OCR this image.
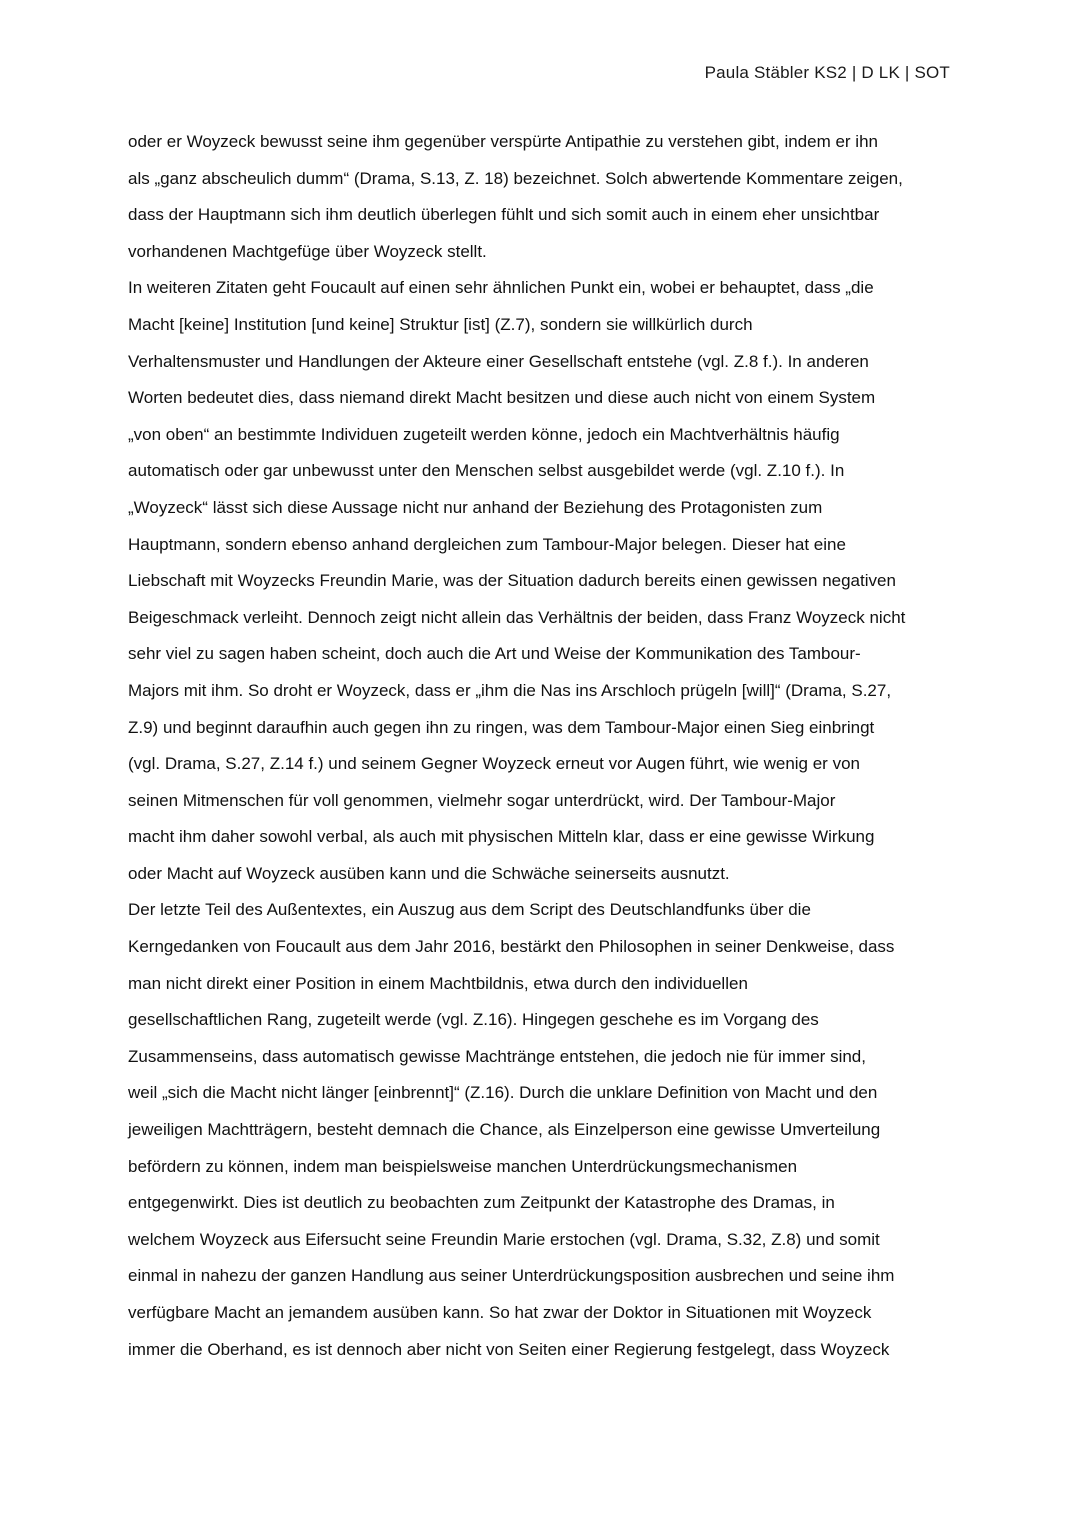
Paula Stäbler KS2 | D LK | SOT
oder er Woyzeck bewusst seine ihm gegenüber verspürte Antipathie zu verstehen gibt, indem er ihn
als „ganz abscheulich dumm“ (Drama, S.13, Z. 18) bezeichnet. Solch abwertende Kommentare zeigen,
dass der Hauptmann sich ihm deutlich überlegen fühlt und sich somit auch in einem eher unsichtbar
vorhandenen Machtgefüge über Woyzeck stellt.
In weiteren Zitaten geht Foucault auf einen sehr ähnlichen Punkt ein, wobei er behauptet, dass „die
Macht [keine] Institution [und keine] Struktur [ist] (Z.7), sondern sie willkürlich durch
Verhaltensmuster und Handlungen der Akteure einer Gesellschaft entstehe (vgl. Z.8 f.). In anderen
Worten bedeutet dies, dass niemand direkt Macht besitzen und diese auch nicht von einem System
„von oben“ an bestimmte Individuen zugeteilt werden könne, jedoch ein Machtverhältnis häufig
automatisch oder gar unbewusst unter den Menschen selbst ausgebildet werde (vgl. Z.10 f.). In
„Woyzeck“ lässt sich diese Aussage nicht nur anhand der Beziehung des Protagonisten zum
Hauptmann, sondern ebenso anhand dergleichen zum Tambour-Major belegen. Dieser hat eine
Liebschaft mit Woyzecks Freundin Marie, was der Situation dadurch bereits einen gewissen negativen
Beigeschmack verleiht. Dennoch zeigt nicht allein das Verhältnis der beiden, dass Franz Woyzeck nicht
sehr viel zu sagen haben scheint, doch auch die Art und Weise der Kommunikation des Tambour-
Majors mit ihm. So droht er Woyzeck, dass er „ihm die Nas ins Arschloch prügeln [will]“ (Drama, S.27,
Z.9) und beginnt daraufhin auch gegen ihn zu ringen, was dem Tambour-Major einen Sieg einbringt
(vgl. Drama, S.27, Z.14 f.) und seinem Gegner Woyzeck erneut vor Augen führt, wie wenig er von
seinen Mitmenschen für voll genommen, vielmehr sogar unterdrückt, wird. Der Tambour-Major
macht ihm daher sowohl verbal, als auch mit physischen Mitteln klar, dass er eine gewisse Wirkung
oder Macht auf Woyzeck ausüben kann und die Schwäche seinerseits ausnutzt.
Der letzte Teil des Außentextes, ein Auszug aus dem Script des Deutschlandfunks über die
Kerngedanken von Foucault aus dem Jahr 2016, bestärkt den Philosophen in seiner Denkweise, dass
man nicht direkt einer Position in einem Machtbildnis, etwa durch den individuellen
gesellschaftlichen Rang, zugeteilt werde (vgl. Z.16). Hingegen geschehe es im Vorgang des
Zusammenseins, dass automatisch gewisse Machtränge entstehen, die jedoch nie für immer sind,
weil „sich die Macht nicht länger [einbrennt]“ (Z.16). Durch die unklare Definition von Macht und den
jeweiligen Machtträgern, besteht demnach die Chance, als Einzelperson eine gewisse Umverteilung
befördern zu können, indem man beispielsweise manchen Unterdrückungsmechanismen
entgegenwirkt. Dies ist deutlich zu beobachten zum Zeitpunkt der Katastrophe des Dramas, in
welchem Woyzeck aus Eifersucht seine Freundin Marie erstochen (vgl. Drama, S.32, Z.8) und somit
einmal in nahezu der ganzen Handlung aus seiner Unterdrückungsposition ausbrechen und seine ihm
verfügbare Macht an jemandem ausüben kann. So hat zwar der Doktor in Situationen mit Woyzeck
immer die Oberhand, es ist dennoch aber nicht von Seiten einer Regierung festgelegt, dass Woyzeck
